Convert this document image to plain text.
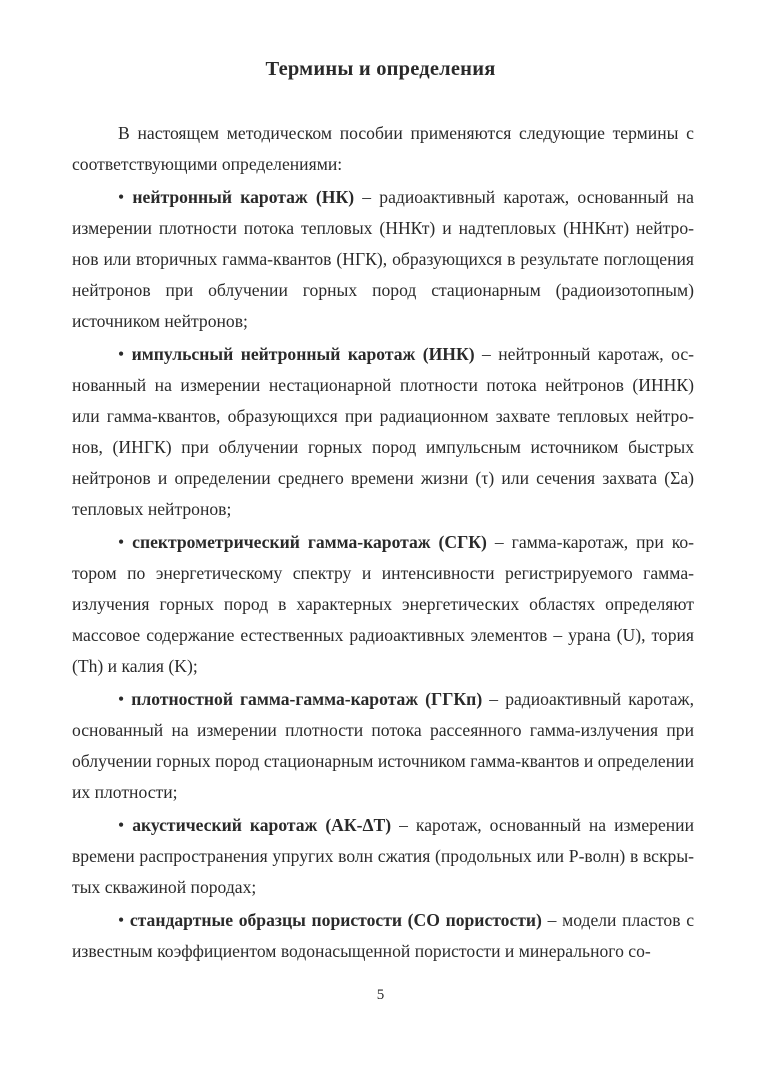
Термины и определения

В настоящем методическом пособии применяются следующие термины с соответствующими определениями:

• нейтронный каротаж (НК) – радиоактивный каротаж, основанный на измерении плотности потока тепловых (ННКт) и надтепловых (ННКнт) нейтронов или вторичных гамма-квантов (НГК), образующихся в результате поглощения нейтронов при облучении горных пород стационарным (радиоизотопным) источником нейтронов;

• импульсный нейтронный каротаж (ИНК) – нейтронный каротаж, основанный на измерении нестационарной плотности потока нейтронов (ИННК) или гамма-квантов, образующихся при радиационном захвате тепловых нейтронов, (ИНГК) при облучении горных пород импульсным источником быстрых нейтронов и определении среднего времени жизни (τ) или сечения захвата (Σа) тепловых нейтронов;

• спектрометрический гамма-каротаж (СГК) – гамма-каротаж, при котором по энергетическому спектру и интенсивности регистрируемого гамма-излучения горных пород в характерных энергетических областях определяют массовое содержание естественных радиоактивных элементов – урана (U), тория (Th) и калия (K);

• плотностной гамма-гамма-каротаж (ГГКп) – радиоактивный каротаж, основанный на измерении плотности потока рассеянного гамма-излучения при облучении горных пород стационарным источником гамма-квантов и определении их плотности;

• акустический каротаж (АК-ΔТ) – каротаж, основанный на измерении времени распространения упругих волн сжатия (продольных или Р-волн) в вскрытых скважиной породах;

• стандартные образцы пористости (СО пористости) – модели пластов с известным коэффициентом водонасыщенной пористости и минерального со-

5
